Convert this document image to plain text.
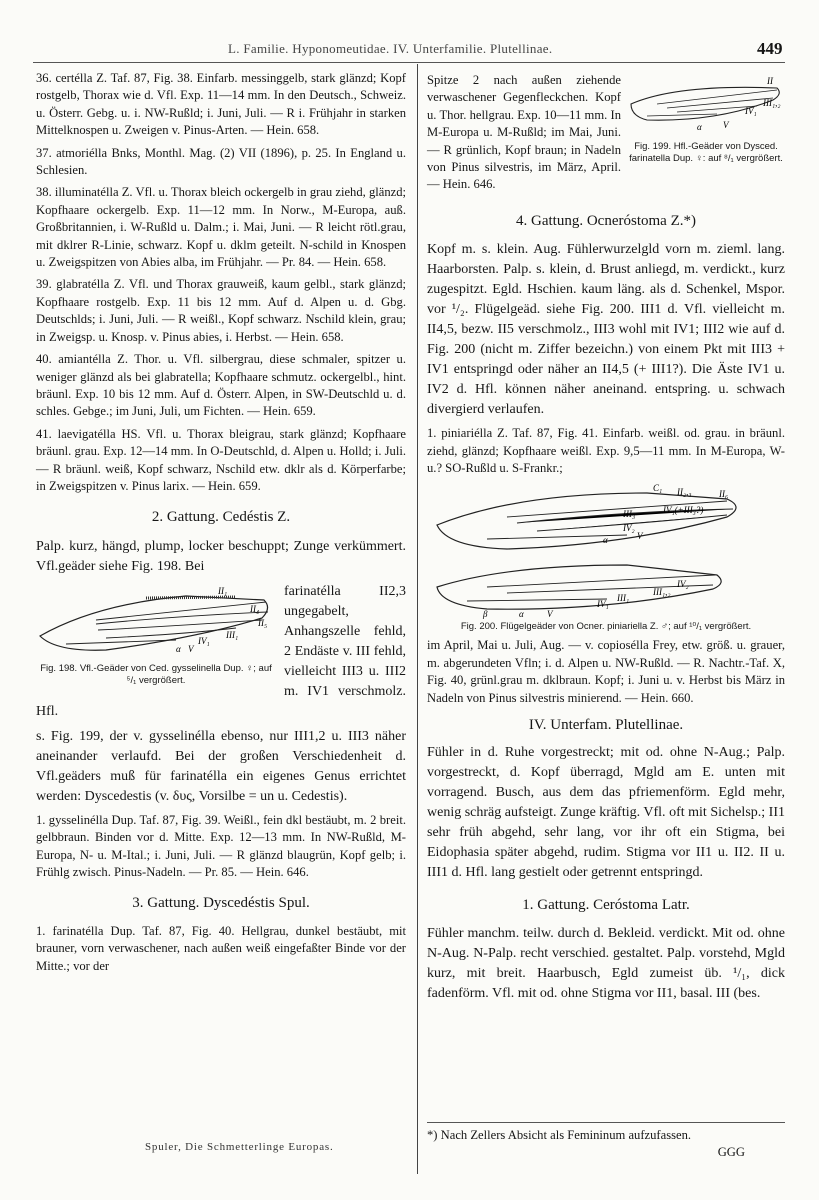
L. Familie. Hyponomeutidae. IV. Unterfamilie. Plutellinae.	449

36. certélla Z. Taf. 87, Fig. 38. Einfarb. messinggelb, stark glänzd; Kopf rostgelb, Thorax wie d. Vfl. Exp. 11—14 mm. In den Deutsch., Schweiz. u. Österr. Gebg. u. i. NW-Rußld; i. Juni, Juli. — R i. Frühjahr in starken Mittelknospen u. Zweigen v. Pinus-Arten. — Hein. 658.

37. atmoriélla Bnks, Monthl. Mag. (2) VII (1896), p. 25. In England u. Schlesien.

38. illuminatélla Z. Vfl. u. Thorax bleich ockergelb in grau ziehd, glänzd; Kopfhaare ockergelb. Exp. 11—12 mm. In Norw., M-Europa, auß. Großbritannien, i. W-Rußld u. Dalm.; i. Mai, Juni. — R leicht rötl.grau, mit dklrer R-Linie, schwarz. Kopf u. dklm geteilt. N-schild in Knospen u. Zweigspitzen von Abies alba, im Frühjahr. — Pr. 84. — Hein. 658.

39. glabratélla Z. Vfl. und Thorax grauweiß, kaum gelbl., stark glänzd; Kopfhaare rostgelb. Exp. 11 bis 12 mm. Auf d. Alpen u. d. Gbg. Deutschlds; i. Juni, Juli. — R weißl., Kopf schwarz. Nschild klein, grau; in Zweigsp. u. Knosp. v. Pinus abies, i. Herbst. — Hein. 658.

40. amiantélla Z. Thor. u. Vfl. silbergrau, diese schmaler, spitzer u. weniger glänzd als bei glabratella; Kopfhaare schmutz. ockergelbl., hint. bräunl. Exp. 10 bis 12 mm. Auf d. Österr. Alpen, in SW-Deutschld u. d. schles. Gebge.; im Juni, Juli, um Fichten. — Hein. 659.

41. laevigatélla HS. Vfl. u. Thorax bleigrau, stark glänzd; Kopfhaare bräunl. grau. Exp. 12—14 mm. In O-Deutschld, d. Alpen u. Holld; i. Juli. — R bräunl. weiß, Kopf schwarz, Nschild etw. dklr als d. Körperfarbe; in Zweigspitzen v. Pinus larix. — Hein. 659.

2. Gattung. Cedéstis Z.

Palp. kurz, hängd, plump, locker beschuppt; Zunge verkümmert. Vfl.geäder siehe Fig. 198. Bei

II₁
II₄
II₅
III₁
IV₁
α V
Fig. 198. Vfl.-Geäder von Ced. gysselinella Dup. ♀; auf ⁵/₁ vergrößert.

farinatélla II2,3 ungegabelt, Anhangszelle fehld, 2 Endäste v. III fehld, vielleicht III3 u. III2 m. IV1 verschmolz. Hfl.

s. Fig. 199, der v. gysselinélla ebenso, nur III1,2 u. III3 näher aneinander verlaufd. Bei der großen Verschiedenheit d. Vfl.geäders muß für farinatélla ein eigenes Genus errichtet werden: Dyscedestis (v. δυς, Vorsilbe = un u. Cedestis).

1. gysselinélla Dup. Taf. 87, Fig. 39. Weißl., fein dkl bestäubt, m. 2 breit. gelbbraun. Binden vor d. Mitte. Exp. 12—13 mm. In NW-Rußld, M-Europa, N- u. M-Ital.; i. Juni, Juli. — R glänzd blaugrün, Kopf gelb; i. Frühlg zwisch. Pinus-Nadeln. — Pr. 85. — Hein. 646.

3. Gattung. Dyscedéstis Spul.

1. farinatélla Dup. Taf. 87, Fig. 40. Hellgrau, dunkel bestäubt, mit brauner, vorn verwaschener, nach außen weiß eingefaßter Binde vor der Mitte.; vor der

Spuler, Die Schmetterlinge Europas.
II
III₁,₂
IV₁
α V
Fig. 199. Hfl.-Geäder von Dysced. farinatella Dup. ♀: auf ⁸/₁ vergrößert.

Spitze 2 nach außen ziehende verwaschener Gegenfleckchen. Kopf u. Thor. hellgrau. Exp. 10—11 mm. In M-Europa u. M-Rußld; im Mai, Juni. — R grünlich, Kopf braun; in Nadeln von Pinus silvestris, im März, April. — Hein. 646.

4. Gattung. Ocneróstoma Z.*)

Kopf m. s. klein. Aug. Fühlerwurzelgld vorn m. zieml. lang. Haarborsten. Palp. s. klein, d. Brust anliegd, m. verdickt., kurz zugespitzt. Egld. Hschien. kaum läng. als d. Schenkel, Mspor. vor ¹/₂. Flügelgeäd. siehe Fig. 200. III1 d. Vfl. vielleicht m. II4,5, bezw. II5 verschmolz., III3 wohl mit IV1; III2 wie auf d. Fig. 200 (nicht m. Ziffer bezeichn.) von einem Pkt mit III3 + IV1 entspringd oder näher an II4,5 (+ III1?). Die Äste IV1 u. IV2 d. Hfl. können näher aneinand. entspring. u. schwach divergierd verlaufen.

1. piniariélla Z. Taf. 87, Fig. 41. Einfarb. weißl. od. grau. in bräunl. ziehd, glänzd; Kopfhaare weißl. Exp. 9,5—11 mm. In M-Europa, W- u.? SO-Rußld u. S-Frankr.;

C₁ II₂,₃	II₆
III₃	IV₁(+III₃?)
IV₂
V
α
β	α	V
IV₁
III₁
III₁,₂
IV₂
Fig. 200. Flügelgeäder von Ocner. piniariella Z. ♂; auf ¹⁰/₁ vergrößert.

im April, Mai u. Juli, Aug. — v. copiosélla Frey, etw. größ. u. grauer, m. abgerundeten Vfln; i. d. Alpen u. NW-Rußld. — R. Nachtr.-Taf. X, Fig. 40, grünl.grau m. dklbraun. Kopf; i. Juni u. v. Herbst bis März in Nadeln von Pinus silvestris minierend. — Hein. 660.

IV. Unterfam. Plutellinae.

Fühler in d. Ruhe vorgestreckt; mit od. ohne N-Aug.; Palp. vorgestreckt, d. Kopf überragd, Mgld am E. unten mit vorragend. Busch, aus dem das pfriemenförm. Egld mehr, wenig schräg aufsteigt. Zunge kräftig. Vfl. oft mit Sichelsp.; II1 sehr früh abgehd, sehr lang, vor ihr oft ein Stigma, bei Eidophasia später abgehd, rudim. Stigma vor II1 u. II2. II u. III1 d. Hfl. lang gestielt oder getrennt entspringd.

1. Gattung. Ceróstoma Latr.

Fühler manchm. teilw. durch d. Bekleid. verdickt. Mit od. ohne N-Aug. N-Palp. recht verschied. gestaltet. Palp. vorstehd, Mgld kurz, mit breit. Haarbusch, Egld zumeist üb. ¹/₁, dick fadenförm. Vfl. mit od. ohne Stigma vor II1, basal. III (bes.

*) Nach Zellers Absicht als Femininum aufzufassen.
GGG
